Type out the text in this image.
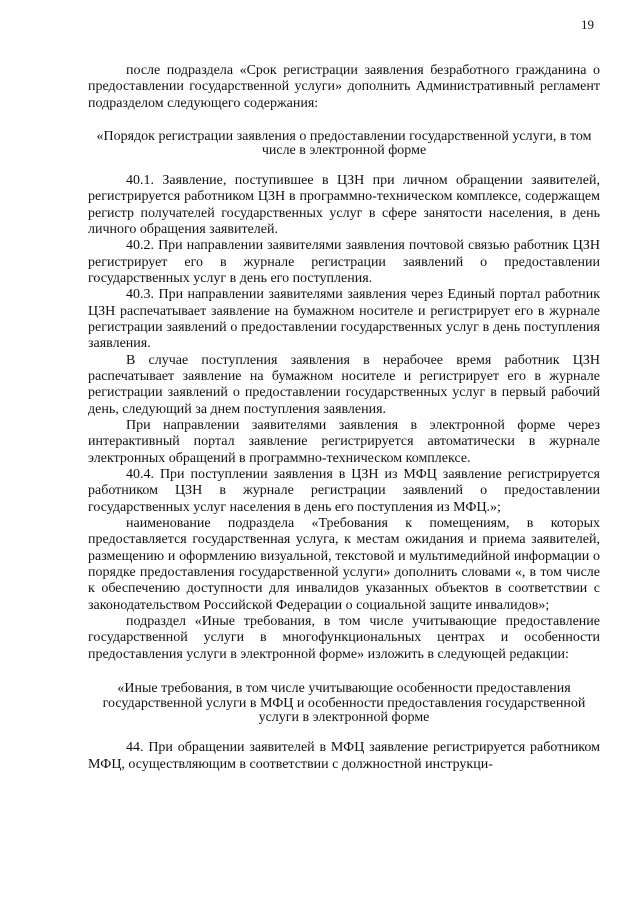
19

после подраздела «Срок регистрации заявления безработного гражданина о предоставлении государственной услуги» дополнить Административный регламент подразделом следующего содержания:

«Порядок регистрации заявления о предоставлении государственной услуги, в том числе в электронной форме

40.1. Заявление, поступившее в ЦЗН при личном обращении заявителей, регистрируется работником ЦЗН в программно-техническом комплексе, содержащем регистр получателей государственных услуг в сфере занятости населения, в день личного обращения заявителей.

40.2. При направлении заявителями заявления почтовой связью работник ЦЗН регистрирует его в журнале регистрации заявлений о предоставлении государственных услуг в день его поступления.

40.3. При направлении заявителями заявления через Единый портал работник ЦЗН распечатывает заявление на бумажном носителе и регистрирует его в журнале регистрации заявлений о предоставлении государственных услуг в день поступления заявления.

В случае поступления заявления в нерабочее время работник ЦЗН распечатывает заявление на бумажном носителе и регистрирует его в журнале регистрации заявлений о предоставлении государственных услуг в первый рабочий день, следующий за днем поступления заявления.

При направлении заявителями заявления в электронной форме через интерактивный портал заявление регистрируется автоматически в журнале электронных обращений в программно-техническом комплексе.

40.4. При поступлении заявления в ЦЗН из МФЦ заявление регистрируется работником ЦЗН в журнале регистрации заявлений о предоставлении государственных услуг населения в день его поступления из МФЦ.»;

наименование подраздела «Требования к помещениям, в которых предоставляется государственная услуга, к местам ожидания и приема заявителей, размещению и оформлению визуальной, текстовой и мультимедийной информации о порядке предоставления государственной услуги» дополнить словами «, в том числе к обеспечению доступности для инвалидов указанных объектов в соответствии с законодательством Российской Федерации о социальной защите инвалидов»;

подраздел «Иные требования, в том числе учитывающие предоставление государственной услуги в многофункциональных центрах и особенности предоставления услуги в электронной форме» изложить в следующей редакции:

«Иные требования, в том числе учитывающие особенности предоставления государственной услуги в МФЦ и особенности предоставления государственной услуги в электронной форме

44. При обращении заявителей в МФЦ заявление регистрируется работником МФЦ, осуществляющим в соответствии с должностной инструкци-
